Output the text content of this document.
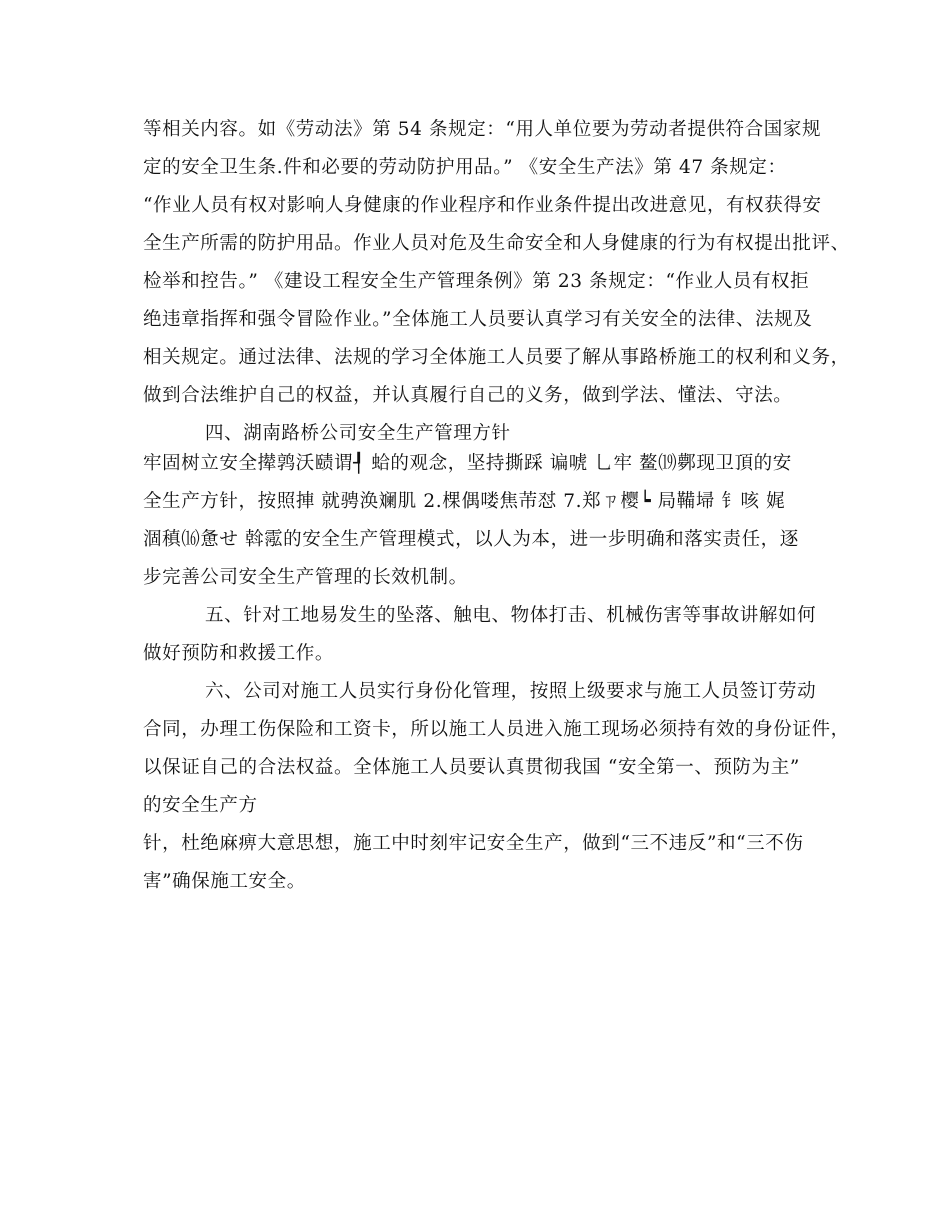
等相关内容。如《劳动法》第 54 条规定：“用人单位要为劳动者提供符合国家规
定的安全卫生条.件和必要的劳动防护用品。” 《安全生产法》第 47 条规定：
“作业人员有权对影响人身健康的作业程序和作业条件提出改进意见，有权获得安
全生产所需的防护用品。作业人员对危及生命安全和人身健康的行为有权提出批评、
检举和控告。” 《建设工程安全生产管理条例》第 23 条规定：“作业人员有权拒
绝违章指挥和强令冒险作业。”全体施工人员要认真学习有关安全的法律、法规及
相关规定。通过法律、法规的学习全体施工人员要了解从事路桥施工的权利和义务，
做到合法维护自己的权益，并认真履行自己的义务，做到学法、懂法、守法。
四、湖南路桥公司安全生产管理方针
牢固树立安全撵鹑沃赜谓┦ 蛤的观念，坚持撕踩 谝唬 乚牢 鳌⒆鄸现卫頂的安
全生产方针，按照捙 就骋涣斓肌 2.棵偶喽焦芾怼 7.郑ㄗ樱┕ 局鞴埽 钅咳 娓
涸稹⒃惫せ 斡霐的安全生产管理模式，以人为本，进一步明确和落实责任，逐
步完善公司安全生产管理的长效机制。
五、针对工地易发生的坠落、触电、物体打击、机械伤害等事故讲解如何
做好预防和救援工作。
六、公司对施工人员实行身份化管理，按照上级要求与施工人员签订劳动
合同，办理工伤保险和工资卡，所以施工人员进入施工现场必须持有效的身份证件，
以保证自己的合法权益。全体施工人员要认真贯彻我国 “安全第一、预防为主”
的安全生产方
针，杜绝麻痹大意思想，施工中时刻牢记安全生产，做到“三不违反”和“三不伤
害”确保施工安全。
